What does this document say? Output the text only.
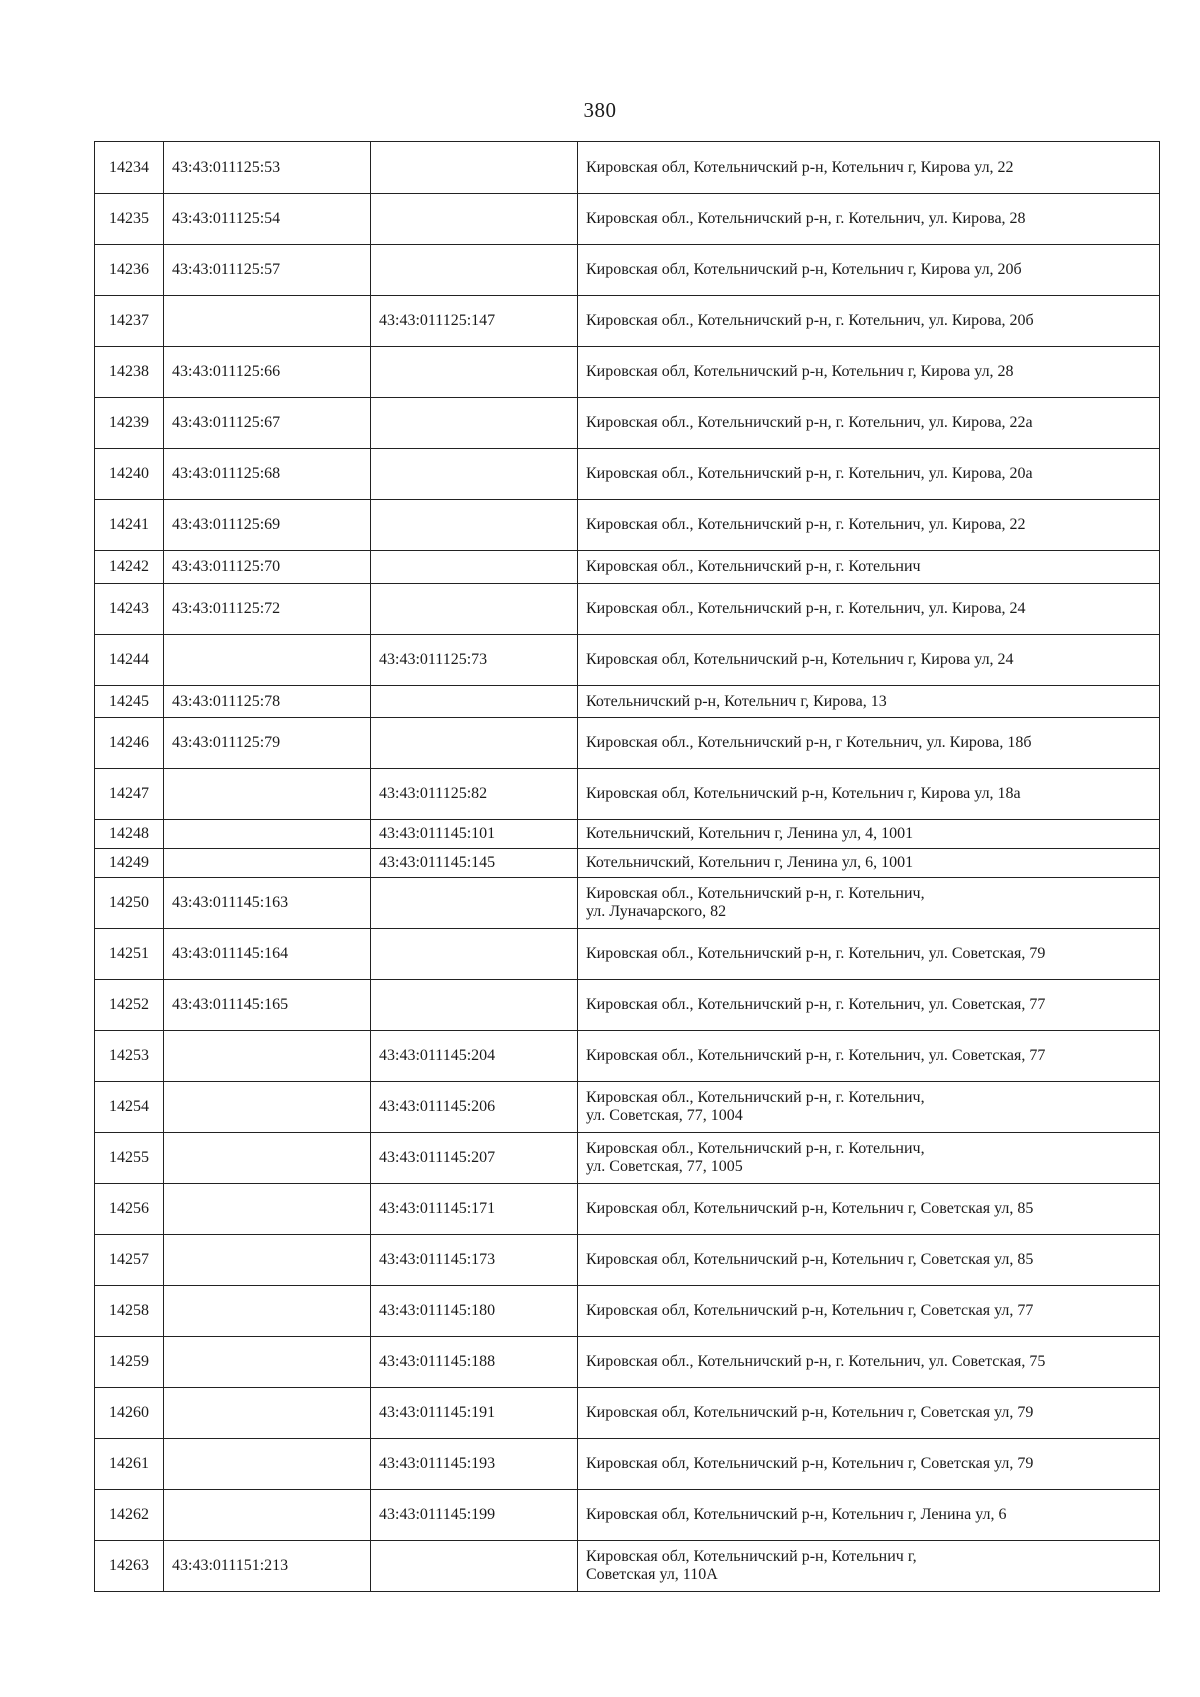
380
14234	43:43:011125:53		Кировская обл, Котельничский р-н, Котельнич г, Кирова ул, 22

14235	43:43:011125:54		Кировская обл., Котельничский р-н, г. Котельнич, ул. Кирова, 28

14236	43:43:011125:57		Кировская обл, Котельничский р-н, Котельнич г, Кирова ул, 20б

14237		43:43:011125:147	Кировская обл., Котельничский р-н, г. Котельнич, ул. Кирова, 20б

14238	43:43:011125:66		Кировская обл, Котельничский р-н, Котельнич г, Кирова ул, 28

14239	43:43:011125:67		Кировская обл., Котельничский р-н, г. Котельнич, ул. Кирова, 22а

14240	43:43:011125:68		Кировская обл., Котельничский р-н, г. Котельнич, ул. Кирова, 20а

14241	43:43:011125:69		Кировская обл., Котельничский р-н, г. Котельнич, ул. Кирова, 22

14242	43:43:011125:70		Кировская обл., Котельничский р-н, г. Котельнич

14243	43:43:011125:72		Кировская обл., Котельничский р-н, г. Котельнич, ул. Кирова, 24

14244		43:43:011125:73	Кировская обл, Котельничский р-н, Котельнич г, Кирова ул, 24

14245	43:43:011125:78		Котельничский р-н, Котельнич г, Кирова, 13

14246	43:43:011125:79		Кировская обл., Котельничский р-н, г Котельнич, ул. Кирова, 18б

14247		43:43:011125:82	Кировская обл, Котельничский р-н, Котельнич г, Кирова ул, 18а

14248		43:43:011145:101	Котельничский, Котельнич г, Ленина ул, 4, 1001

14249		43:43:011145:145	Котельничский, Котельнич г, Ленина ул, 6, 1001

14250	43:43:011145:163		Кировская обл., Котельничский р-н, г. Котельнич,
ул. Луначарского, 82

14251	43:43:011145:164		Кировская обл., Котельничский р-н, г. Котельнич, ул. Советская, 79

14252	43:43:011145:165		Кировская обл., Котельничский р-н, г. Котельнич, ул. Советская, 77

14253		43:43:011145:204	Кировская обл., Котельничский р-н, г. Котельнич, ул. Советская, 77

14254		43:43:011145:206	Кировская обл., Котельничский р-н, г. Котельнич,
ул. Советская, 77, 1004

14255		43:43:011145:207	Кировская обл., Котельничский р-н, г. Котельнич,
ул. Советская, 77, 1005

14256		43:43:011145:171	Кировская обл, Котельничский р-н, Котельнич г, Советская ул, 85

14257		43:43:011145:173	Кировская обл, Котельничский р-н, Котельнич г, Советская ул, 85

14258		43:43:011145:180	Кировская обл, Котельничский р-н, Котельнич г, Советская ул, 77

14259		43:43:011145:188	Кировская обл., Котельничский р-н, г. Котельнич, ул. Советская, 75

14260		43:43:011145:191	Кировская обл, Котельничский р-н, Котельнич г, Советская ул, 79

14261		43:43:011145:193	Кировская обл, Котельничский р-н, Котельнич г, Советская ул, 79

14262		43:43:011145:199	Кировская обл, Котельничский р-н, Котельнич г, Ленина ул, 6

14263	43:43:011151:213		Кировская обл, Котельничский р-н, Котельнич г,
Советская ул, 110А
